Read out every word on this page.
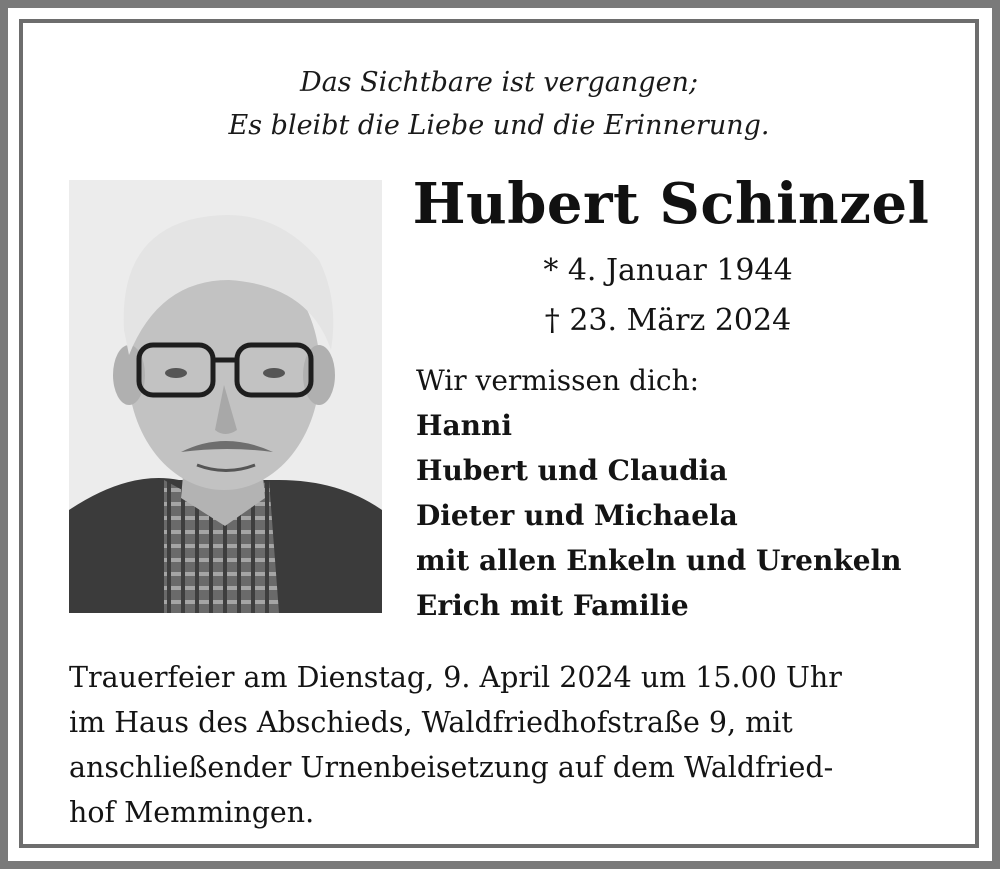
Das Sichtbare ist vergangen;
Es bleibt die Liebe und die Erinnerung.
Hubert Schinzel
* 4. Januar 1944
† 23. März 2024
Wir vermissen dich:
Hanni
Hubert und Claudia
Dieter und Michaela
mit allen Enkeln und Urenkeln
Erich mit Familie
Trauerfeier am Dienstag, 9. April 2024 um 15.00 Uhr
im Haus des Abschieds, Waldfriedhofstraße 9, mit
anschließender Urnenbeisetzung auf dem Waldfried-
hof Memmingen.
